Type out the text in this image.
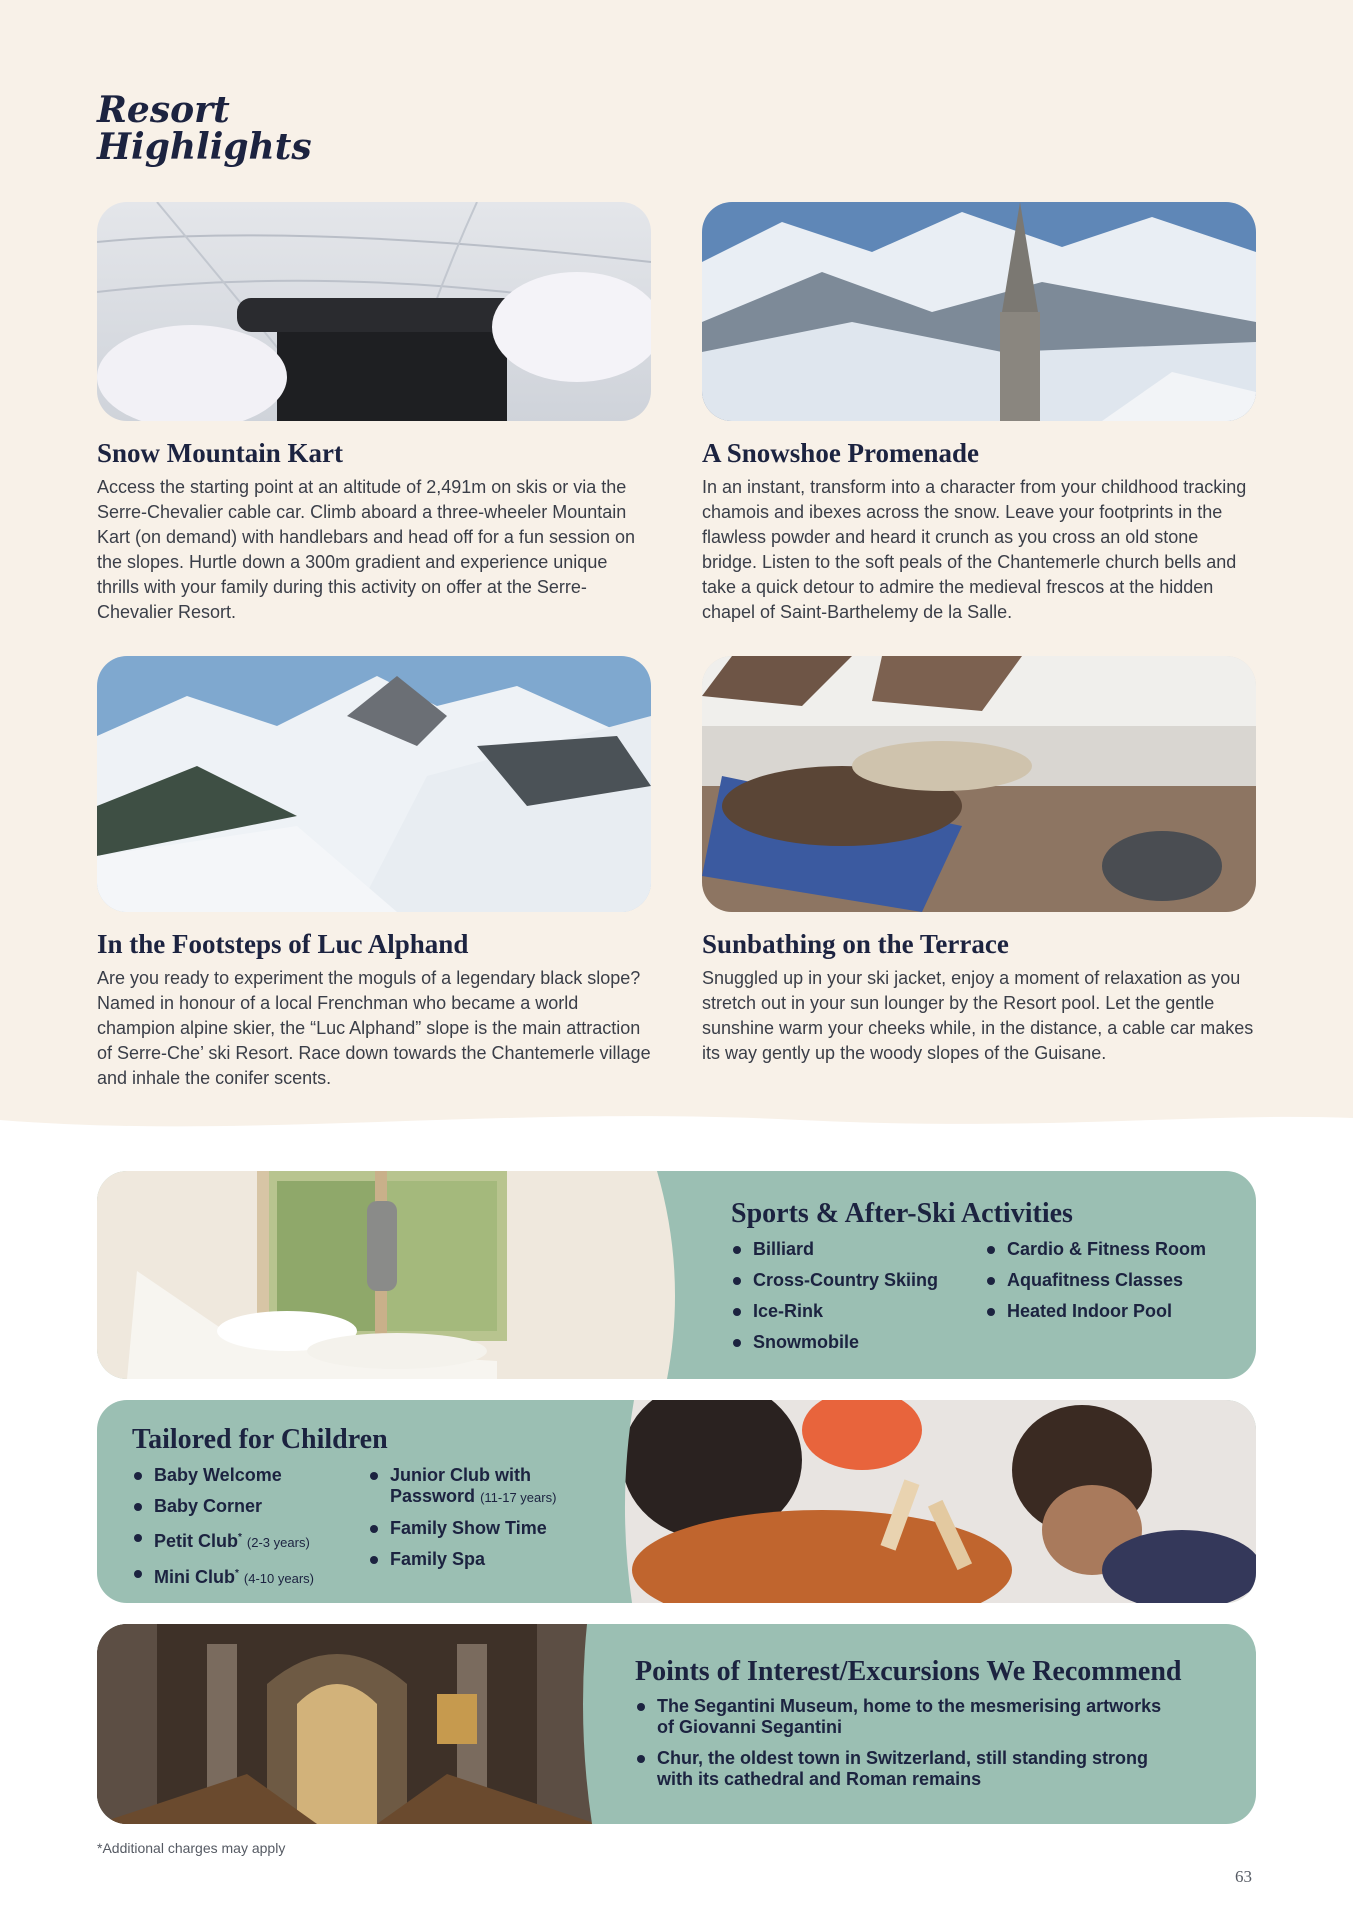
Resort Highlights
Snow Mountain Kart

Access the starting point at an altitude of 2,491m on skis or via the Serre-Chevalier cable car. Climb aboard a three-wheeler Mountain Kart (on demand) with handlebars and head off for a fun session on the slopes. Hurtle down a 300m gradient and experience unique thrills with your family during this activity on offer at the Serre-Chevalier Resort.

A Snowshoe Promenade

In an instant, transform into a character from your childhood tracking chamois and ibexes across the snow. Leave your footprints in the flawless powder and heard it crunch as you cross an old stone bridge. Listen to the soft peals of the Chantemerle church bells and take a quick detour to admire the medieval frescos at the hidden chapel of Saint-Barthelemy de la Salle.

In the Footsteps of Luc Alphand

Are you ready to experiment the moguls of a legendary black slope? Named in honour of a local Frenchman who became a world champion alpine skier, the “Luc Alphand” slope is the main attraction of Serre-Che’ ski Resort. Race down towards the Chantemerle village and inhale the conifer scents.

Sunbathing on the Terrace

Snuggled up in your ski jacket, enjoy a moment of relaxation as you stretch out in your sun lounger by the Resort pool. Let the gentle sunshine warm your cheeks while, in the distance, a cable car makes its way gently up the woody slopes of the Guisane.

Sports & After-Ski Activities
Billiard
Cross-Country Skiing
Ice-Rink
Snowmobile
Cardio & Fitness Room
Aquafitness Classes
Heated Indoor Pool
Tailored for Children
Baby Welcome
Baby Corner
Petit Club* (2-3 years)
Mini Club* (4-10 years)
Junior Club with Password (11-17 years)
Family Show Time
Family Spa
Points of Interest/Excursions We Recommend
The Segantini Museum, home to the mesmerising artworks of Giovanni Segantini
Chur, the oldest town in Switzerland, still standing strong with its cathedral and Roman remains
*Additional charges may apply
63
